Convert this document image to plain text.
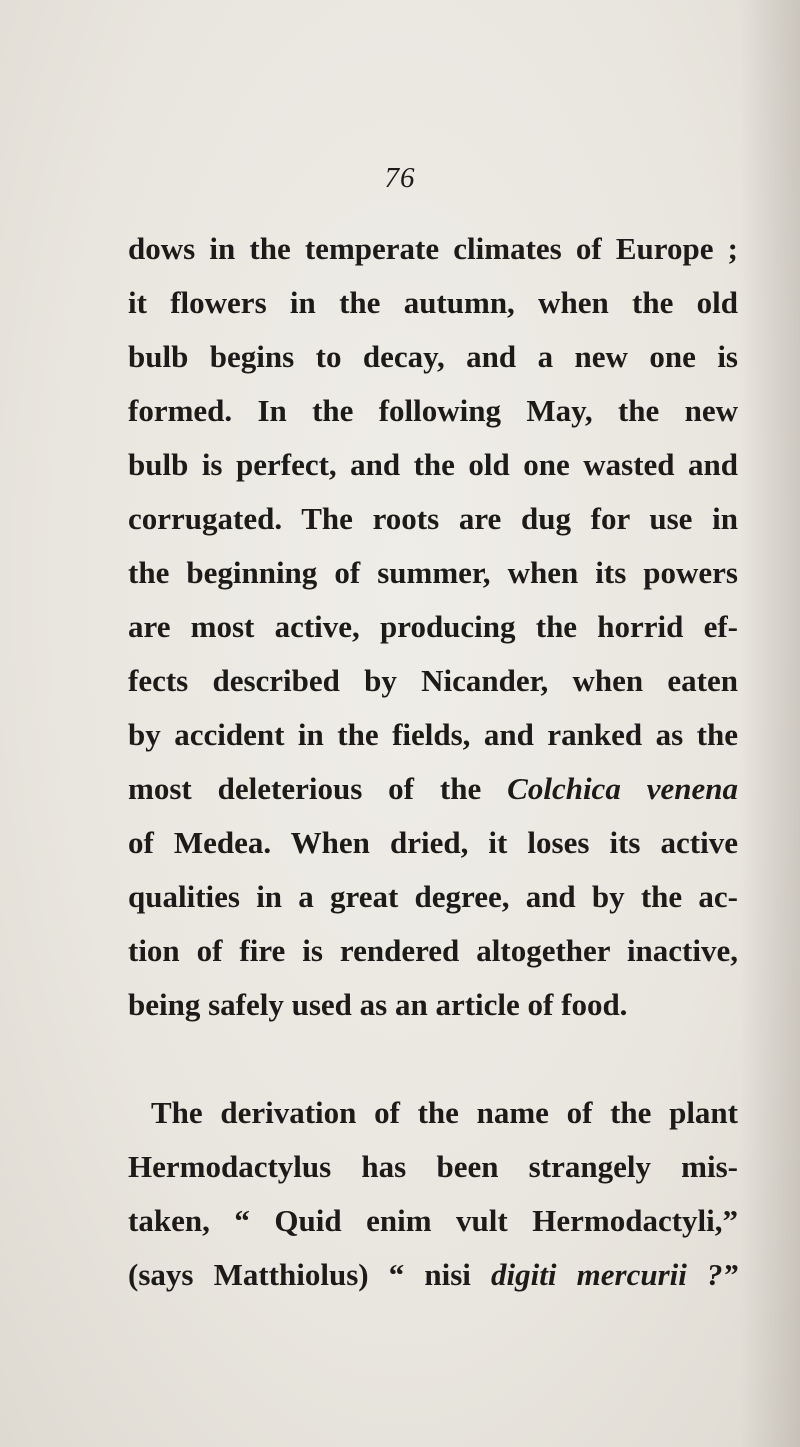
76
dows in the temperate climates of Europe ;
it flowers in the autumn, when the old
bulb begins to decay, and a new one is
formed. In the following May, the new
bulb is perfect, and the old one wasted and
corrugated. The roots are dug for use in
the beginning of summer, when its powers
are most active, producing the horrid ef-
fects described by Nicander, when eaten
by accident in the fields, and ranked as the
most deleterious of the Colchica venena
of Medea. When dried, it loses its active
qualities in a great degree, and by the ac-
tion of fire is rendered altogether inactive,
being safely used as an article of food.
The derivation of the name of the plant
Hermodactylus has been strangely mis-
taken, “ Quid enim vult Hermodactyli,”
(says Matthiolus) “ nisi digiti mercurii ?”
